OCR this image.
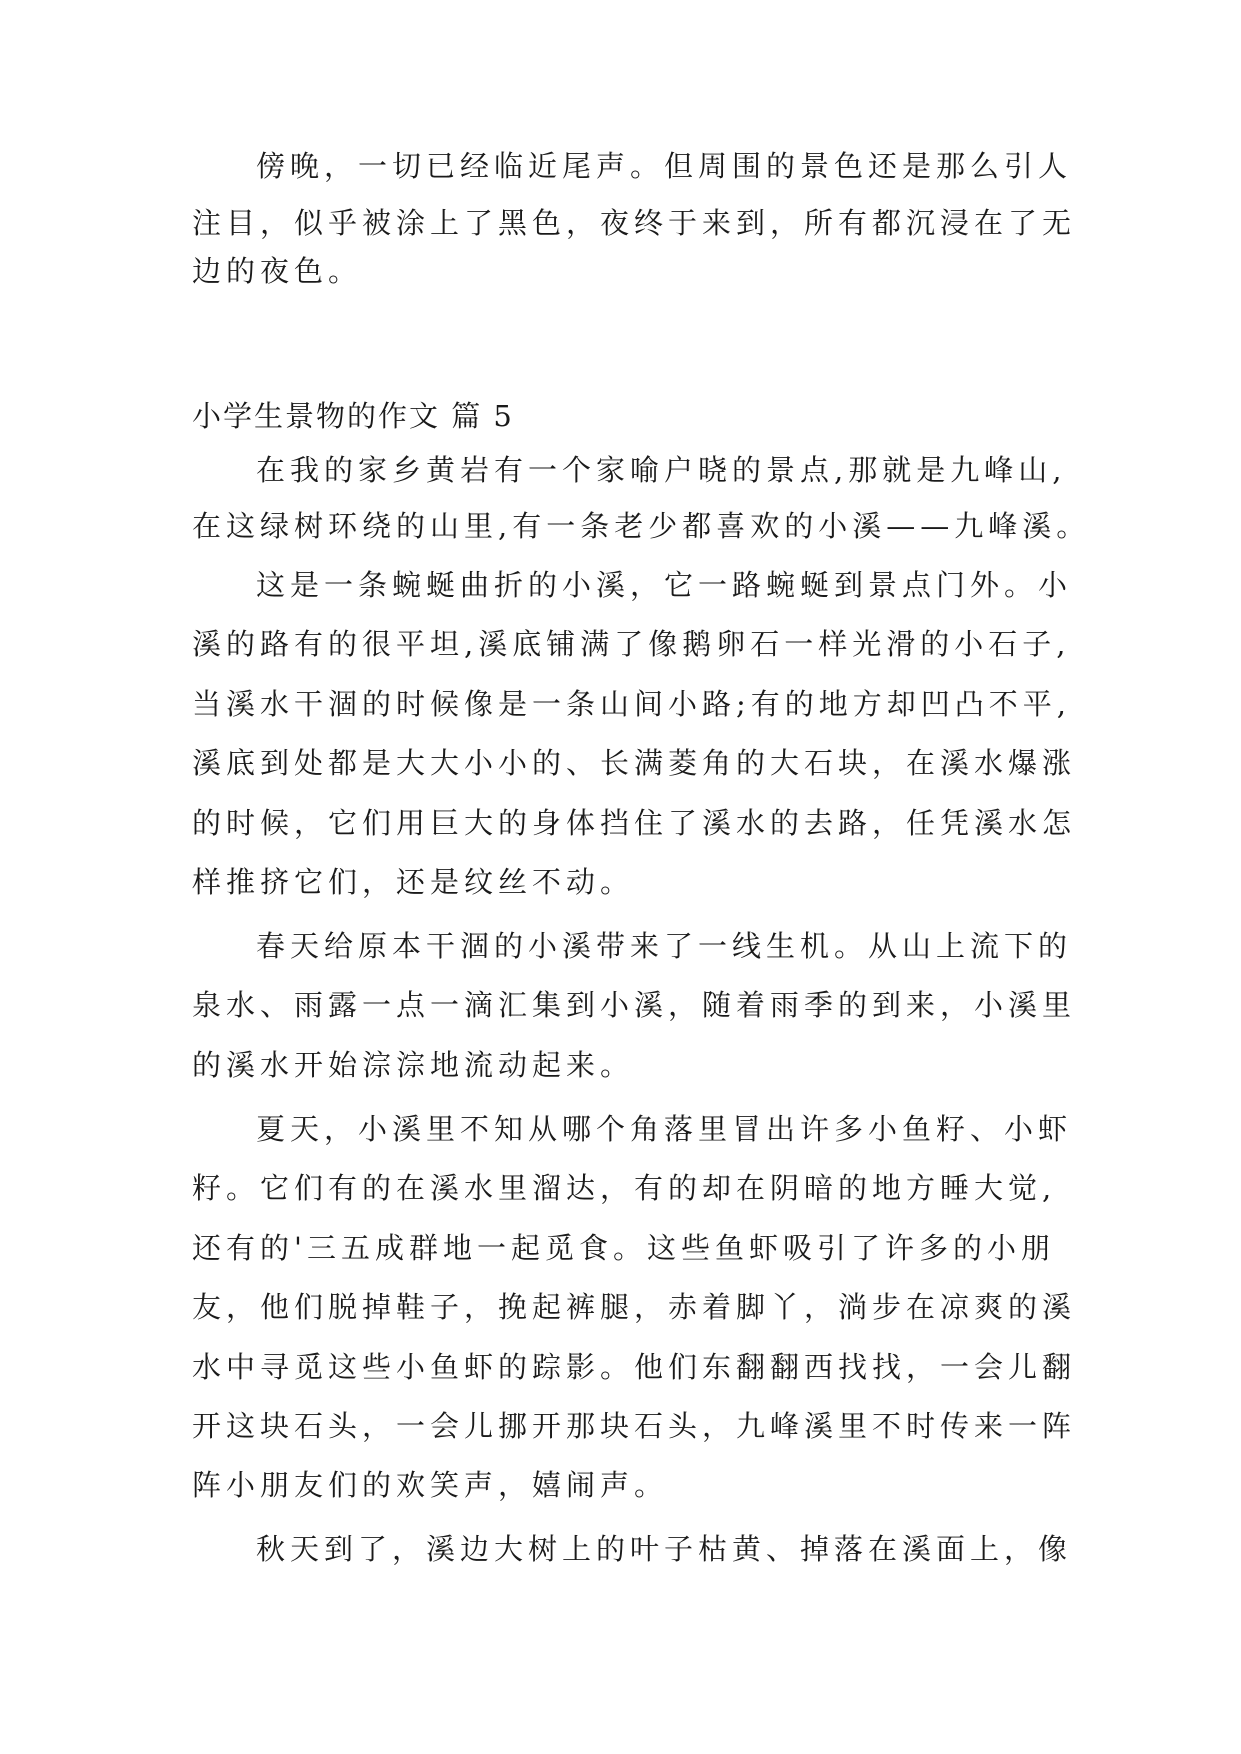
傍晚，一切已经临近尾声。但周围的景色还是那么引人
注目，似乎被涂上了黑色，夜终于来到，所有都沉浸在了无
边的夜色。
小学生景物的作文 篇 5
在我的家乡黄岩有一个家喻户晓的景点,那就是九峰山,
在这绿树环绕的山里,有一条老少都喜欢的小溪——九峰溪。
这是一条蜿蜒曲折的小溪，它一路蜿蜒到景点门外。小
溪的路有的很平坦,溪底铺满了像鹅卵石一样光滑的小石子,
当溪水干涸的时候像是一条山间小路;有的地方却凹凸不平,
溪底到处都是大大小小的、长满菱角的大石块，在溪水爆涨
的时候，它们用巨大的身体挡住了溪水的去路，任凭溪水怎
样推挤它们，还是纹丝不动。
春天给原本干涸的小溪带来了一线生机。从山上流下的
泉水、雨露一点一滴汇集到小溪，随着雨季的到来，小溪里
的溪水开始淙淙地流动起来。
夏天，小溪里不知从哪个角落里冒出许多小鱼籽、小虾
籽。它们有的在溪水里溜达，有的却在阴暗的地方睡大觉,
还有的'三五成群地一起觅食。这些鱼虾吸引了许多的小朋
友，他们脱掉鞋子，挽起裤腿，赤着脚丫，淌步在凉爽的溪
水中寻觅这些小鱼虾的踪影。他们东翻翻西找找，一会儿翻
开这块石头，一会儿挪开那块石头，九峰溪里不时传来一阵
阵小朋友们的欢笑声，嬉闹声。
秋天到了，溪边大树上的叶子枯黄、掉落在溪面上，像
